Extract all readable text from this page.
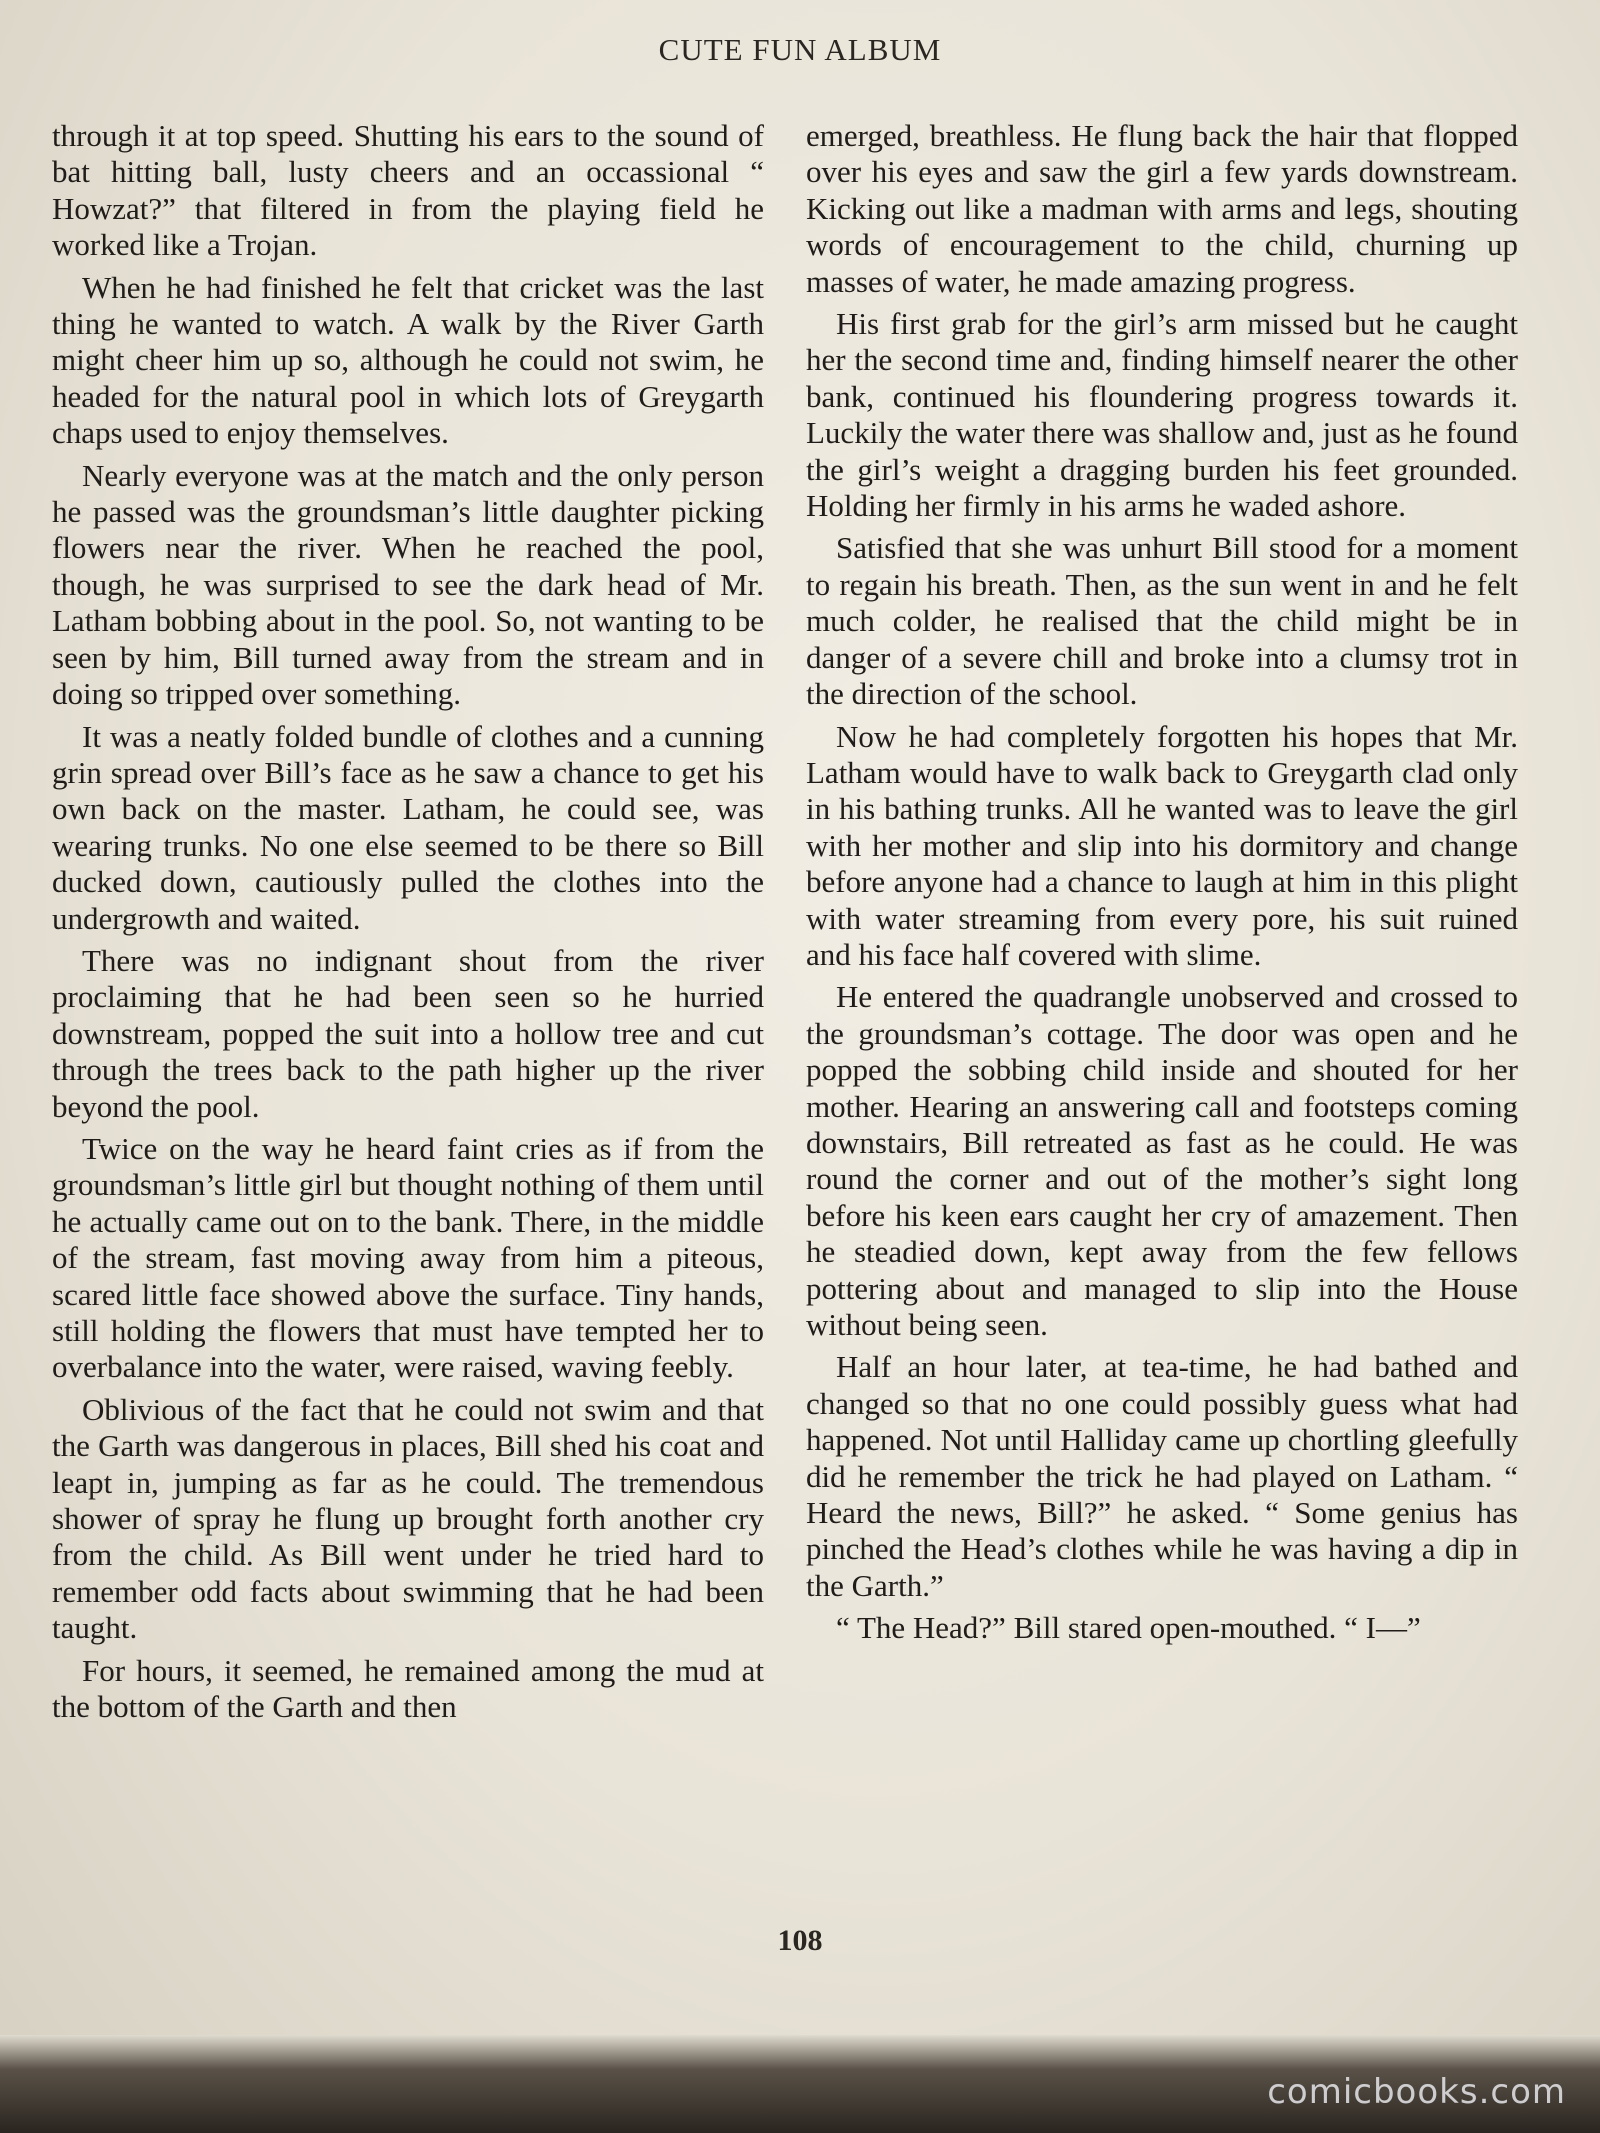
CUTE FUN ALBUM

through it at top speed. Shutting his ears to the sound of bat hitting ball, lusty cheers and an occassional “ Howzat?” that filtered in from the playing field he worked like a Trojan.

When he had finished he felt that cricket was the last thing he wanted to watch. A walk by the River Garth might cheer him up so, although he could not swim, he headed for the natural pool in which lots of Greygarth chaps used to enjoy themselves.

Nearly everyone was at the match and the only person he passed was the groundsman’s little daughter picking flowers near the river. When he reached the pool, though, he was surprised to see the dark head of Mr. Latham bobbing about in the pool. So, not wanting to be seen by him, Bill turned away from the stream and in doing so tripped over something.

It was a neatly folded bundle of clothes and a cunning grin spread over Bill’s face as he saw a chance to get his own back on the master. Latham, he could see, was wearing trunks. No one else seemed to be there so Bill ducked down, cautiously pulled the clothes into the undergrowth and waited.

There was no indignant shout from the river proclaiming that he had been seen so he hurried downstream, popped the suit into a hollow tree and cut through the trees back to the path higher up the river beyond the pool.

Twice on the way he heard faint cries as if from the groundsman’s little girl but thought nothing of them until he actually came out on to the bank. There, in the middle of the stream, fast moving away from him a piteous, scared little face showed above the surface. Tiny hands, still holding the flowers that must have tempted her to overbalance into the water, were raised, waving feebly.

Oblivious of the fact that he could not swim and that the Garth was dangerous in places, Bill shed his coat and leapt in, jumping as far as he could. The tremendous shower of spray he flung up brought forth another cry from the child. As Bill went under he tried hard to remember odd facts about swimming that he had been taught.

For hours, it seemed, he remained among the mud at the bottom of the Garth and then

emerged, breathless. He flung back the hair that flopped over his eyes and saw the girl a few yards downstream. Kicking out like a madman with arms and legs, shouting words of encouragement to the child, churning up masses of water, he made amazing progress.

His first grab for the girl’s arm missed but he caught her the second time and, finding himself nearer the other bank, continued his floundering progress towards it. Luckily the water there was shallow and, just as he found the girl’s weight a dragging burden his feet grounded. Holding her firmly in his arms he waded ashore.

Satisfied that she was unhurt Bill stood for a moment to regain his breath. Then, as the sun went in and he felt much colder, he realised that the child might be in danger of a severe chill and broke into a clumsy trot in the direction of the school.

Now he had completely forgotten his hopes that Mr. Latham would have to walk back to Greygarth clad only in his bathing trunks. All he wanted was to leave the girl with her mother and slip into his dormitory and change before anyone had a chance to laugh at him in this plight with water streaming from every pore, his suit ruined and his face half covered with slime.

He entered the quadrangle unobserved and crossed to the groundsman’s cottage. The door was open and he popped the sobbing child inside and shouted for her mother. Hearing an answering call and footsteps coming downstairs, Bill retreated as fast as he could. He was round the corner and out of the mother’s sight long before his keen ears caught her cry of amazement. Then he steadied down, kept away from the few fellows pottering about and managed to slip into the House without being seen.

Half an hour later, at tea-time, he had bathed and changed so that no one could possibly guess what had happened. Not until Halliday came up chortling gleefully did he remember the trick he had played on Latham. “ Heard the news, Bill?” he asked. “ Some genius has pinched the Head’s clothes while he was having a dip in the Garth.”

“ The Head?” Bill stared open-mouthed. “ I—”

108
comicbooks.com
